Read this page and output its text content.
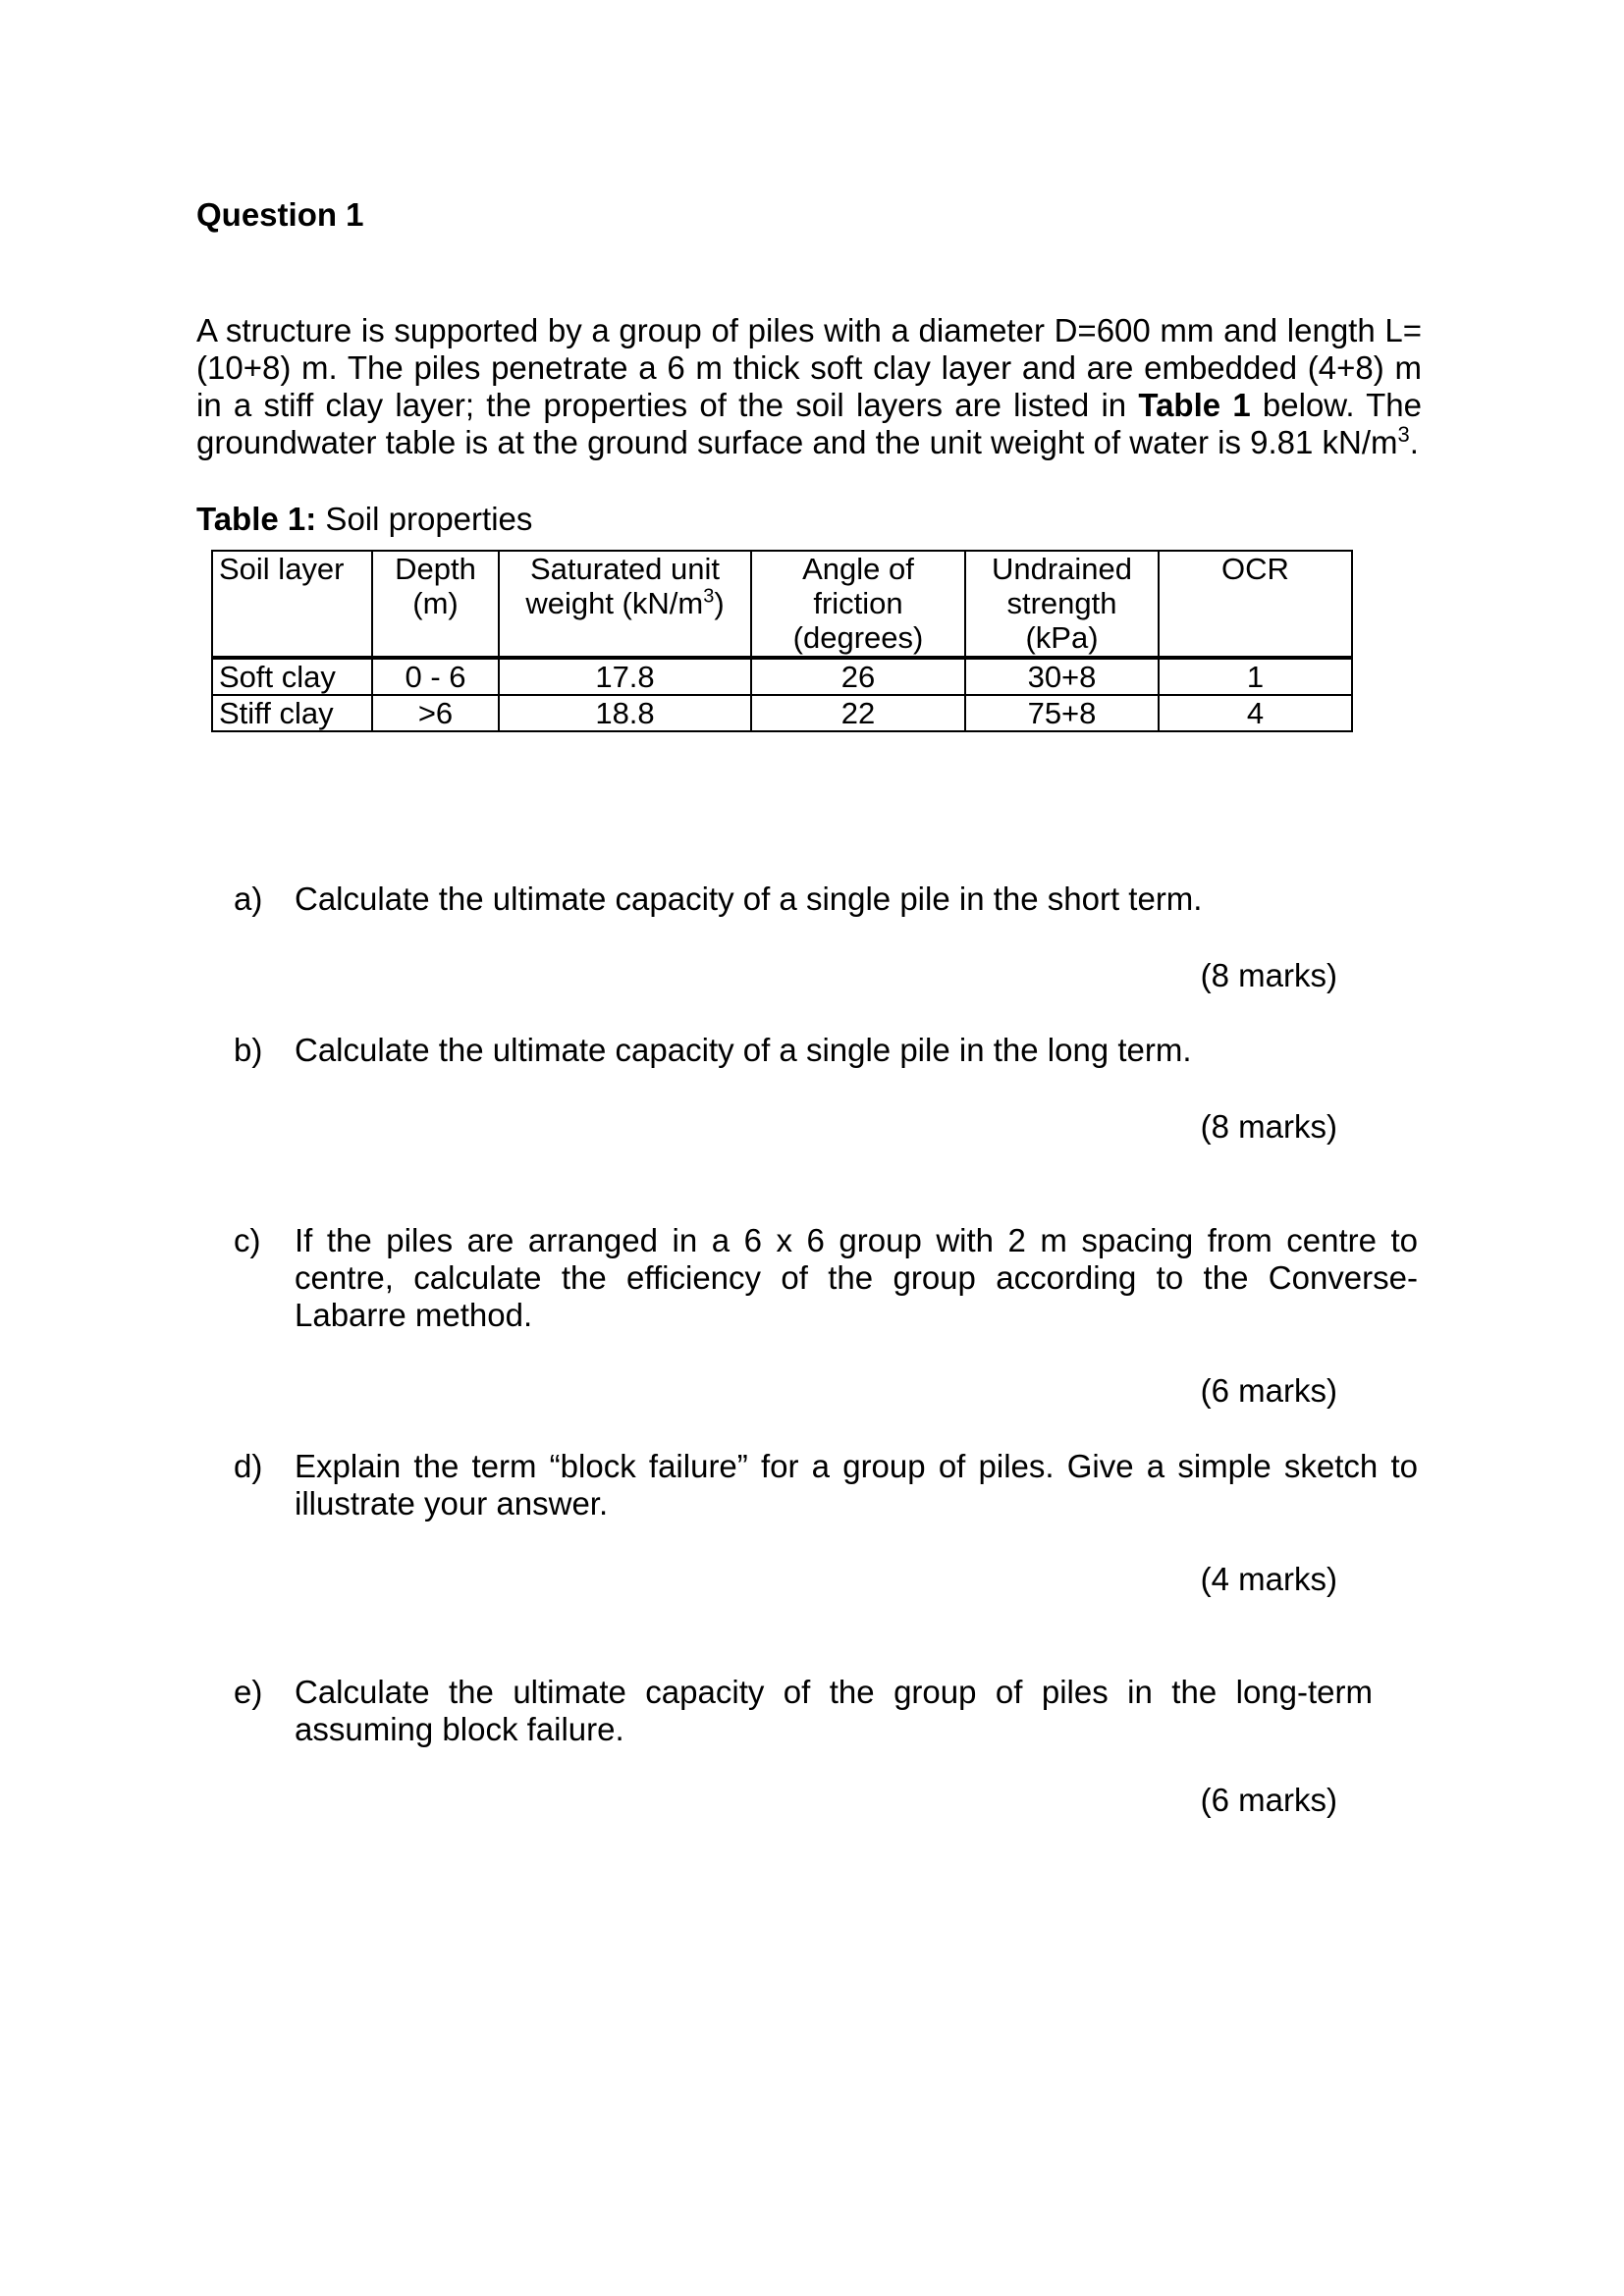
Question 1

A structure is supported by a group of piles with a diameter D=600 mm and length L=(10+8) m. The piles penetrate a 6 m thick soft clay layer and are embedded (4+8) m in a stiff clay layer; the properties of the soil layers are listed in Table 1 below. The groundwater table is at the ground surface and the unit weight of water is 9.81 $kN/m^3$.

Table 1: Soil properties

Soil layer	Depth (m)	Saturated unit weight $(kN/m^3)$	Angle of friction (degrees)	Undrained strength (kPa)	OCR
Soft clay	0 - 6	17.8	26	30+8	1
Stiff clay	>6	18.8	22	75+8	4
a) Calculate the ultimate capacity of a single pile in the short term.
(8 marks)
b) Calculate the ultimate capacity of a single pile in the long term.
(8 marks)
c) If the piles are arranged in a 6 x 6 group with 2 m spacing from centre to centre, calculate the efficiency of the group according to the Converse-Labarre method.
(6 marks)
d) Explain the term “block failure” for a group of piles. Give a simple sketch to illustrate your answer.
(4 marks)
e) Calculate the ultimate capacity of the group of piles in the long-term assuming block failure.
(6 marks)
